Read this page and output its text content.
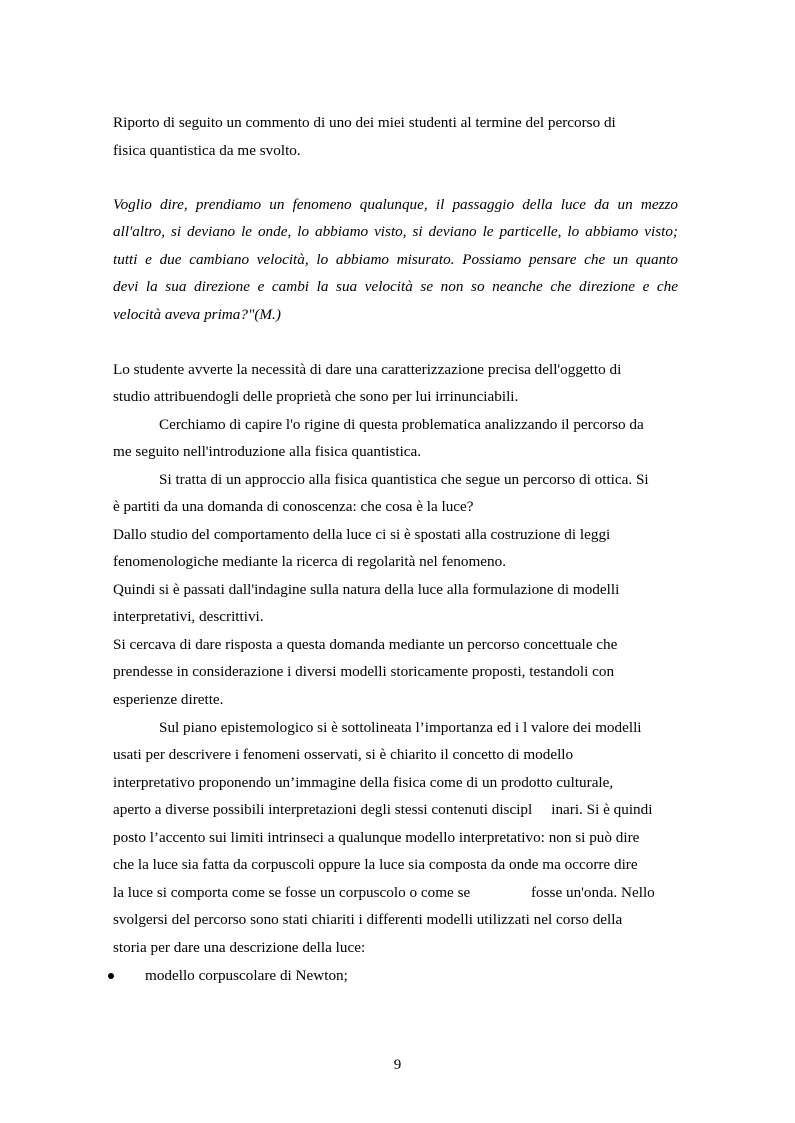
Riporto di seguito un commento di uno dei miei studenti al termine del percorso di
fisica quantistica da me svolto.
Voglio dire, prendiamo un fenomeno qualunque, il passaggio della luce da un mezzo
all'altro, si deviano le onde, lo abbiamo visto, si deviano le particelle, lo abbiamo visto;
tutti e due cambiano velocità, lo abbiamo misurato. Possiamo pensare che un quanto
devi la sua direzione e cambi la sua velocità se non so neanche che direzione e che
velocità aveva prima?"(M.)
Lo studente avverte la necessità di dare una caratterizzazione precisa dell'oggetto di
studio attribuendogli delle proprietà che sono per lui irrinunciabili.
Cerchiamo di capire l'o rigine di questa problematica analizzando il percorso da
me seguito nell'introduzione alla fisica quantistica.
Si tratta di un approccio alla fisica quantistica che segue un percorso di ottica. Si
è partiti da una domanda di conoscenza: che cosa è la luce?
Dallo studio del comportamento della luce ci si è spostati alla costruzione di leggi
fenomenologiche mediante la ricerca di regolarità nel fenomeno.
Quindi si è passati dall'indagine sulla natura della luce alla formulazione di modelli
interpretativi, descrittivi.
Si cercava di dare risposta a questa domanda mediante un percorso concettuale che
prendesse in considerazione i diversi modelli storicamente proposti, testandoli con
esperienze dirette.
Sul piano epistemologico si è sottolineata l’importanza ed i l valore dei modelli
usati per descrivere i fenomeni osservati, si è chiarito il concetto di modello
interpretativo proponendo un’immagine della fisica come di un prodotto culturale,
aperto a diverse possibili interpretazioni degli stessi contenuti discipl     inari. Si è quindi
posto l’accento sui limiti intrinseci a qualunque modello interpretativo: non si può dire
che la luce sia fatta da corpuscoli oppure la luce sia composta da onde ma occorre dire
la luce si comporta come se fosse un corpuscolo o come se                fosse un'onda. Nello
svolgersi del percorso sono stati chiariti i differenti modelli utilizzati nel corso della
storia per dare una descrizione della luce:
modello corpuscolare di Newton;
9
